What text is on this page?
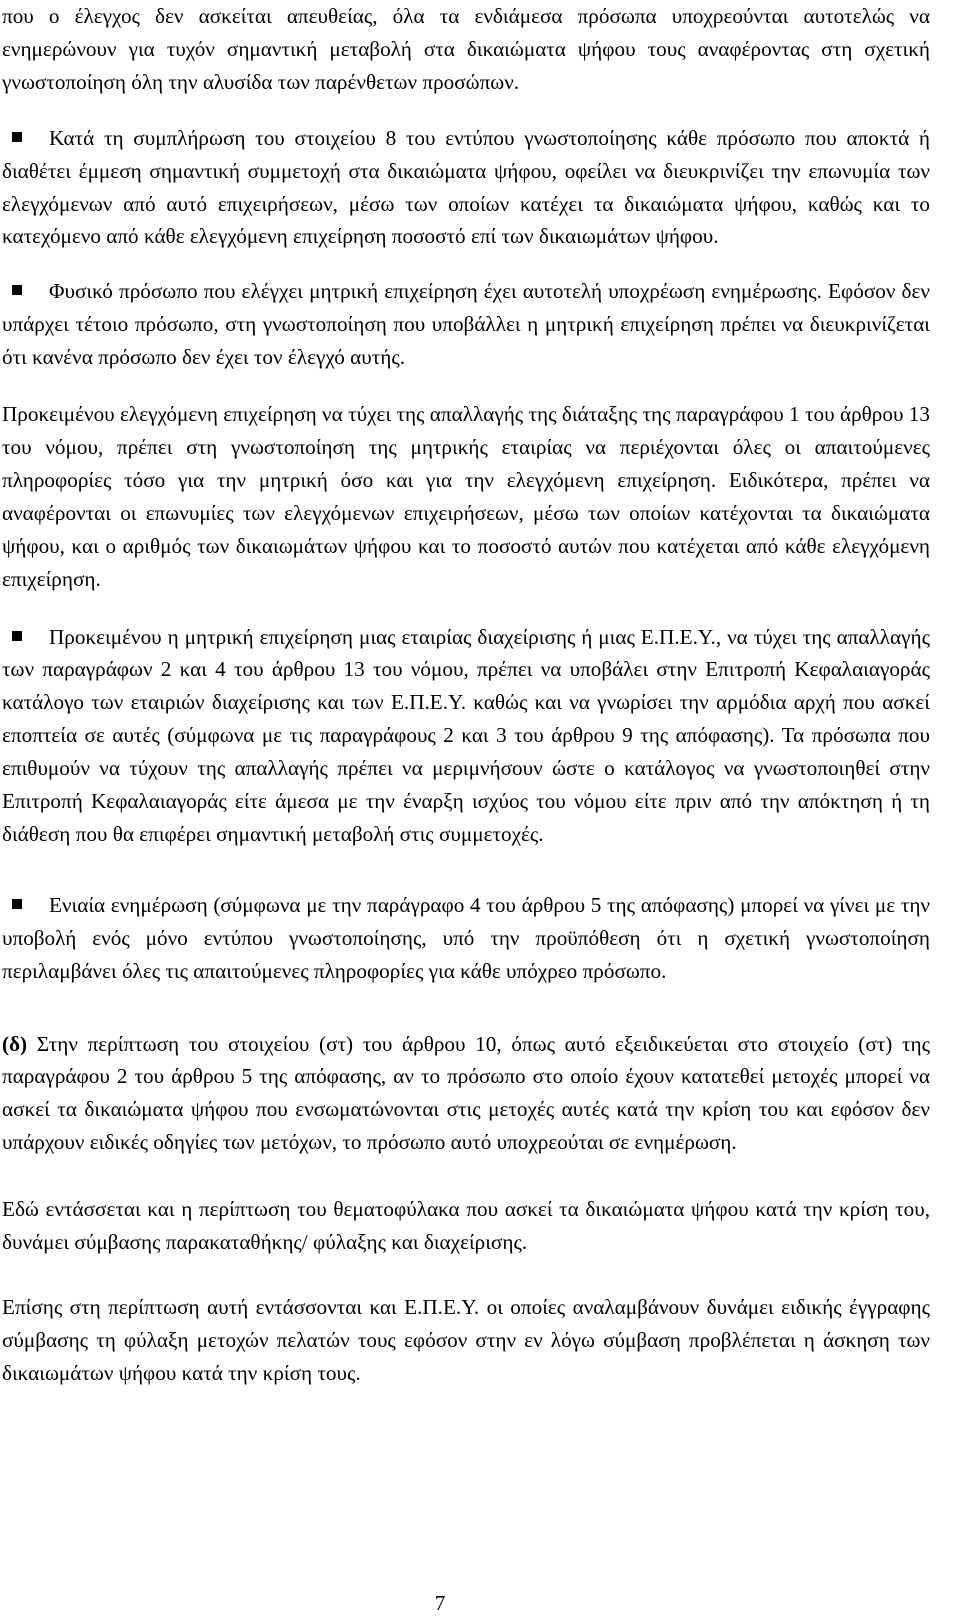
που ο έλεγχος δεν ασκείται απευθείας, όλα τα ενδιάμεσα πρόσωπα υποχρεούνται αυτοτελώς να ενημερώνουν για τυχόν σημαντική μεταβολή στα δικαιώματα ψήφου τους αναφέροντας στη σχετική γνωστοποίηση όλη την αλυσίδα των παρένθετων προσώπων.

Κατά τη συμπλήρωση του στοιχείου 8 του εντύπου γνωστοποίησης κάθε πρόσωπο που αποκτά ή διαθέτει έμμεση σημαντική συμμετοχή στα δικαιώματα ψήφου, οφείλει να διευκρινίζει την επωνυμία των ελεγχόμενων από αυτό επιχειρήσεων, μέσω των οποίων κατέχει τα δικαιώματα ψήφου, καθώς και το κατεχόμενο από κάθε ελεγχόμενη επιχείρηση ποσοστό επί των δικαιωμάτων ψήφου.

Φυσικό πρόσωπο που ελέγχει μητρική επιχείρηση έχει αυτοτελή υποχρέωση ενημέρωσης. Εφόσον δεν υπάρχει τέτοιο πρόσωπο, στη γνωστοποίηση που υποβάλλει η μητρική επιχείρηση πρέπει να διευκρινίζεται ότι κανένα πρόσωπο δεν έχει τον έλεγχό αυτής.

Προκειμένου ελεγχόμενη επιχείρηση να τύχει της απαλλαγής της διάταξης της παραγράφου 1 του άρθρου 13 του νόμου, πρέπει στη γνωστοποίηση της μητρικής εταιρίας να περιέχονται όλες οι απαιτούμενες πληροφορίες τόσο για την μητρική όσο και για την ελεγχόμενη επιχείρηση. Ειδικότερα, πρέπει να αναφέρονται οι επωνυμίες των ελεγχόμενων επιχειρήσεων, μέσω των οποίων κατέχονται τα δικαιώματα ψήφου, και ο αριθμός των δικαιωμάτων ψήφου και το ποσοστό αυτών που κατέχεται από κάθε ελεγχόμενη επιχείρηση.

Προκειμένου η μητρική επιχείρηση μιας εταιρίας διαχείρισης ή μιας Ε.Π.Ε.Υ., να τύχει της απαλλαγής των παραγράφων 2 και 4 του άρθρου 13 του νόμου, πρέπει να υποβάλει στην Επιτροπή Κεφαλαιαγοράς κατάλογο των εταιριών διαχείρισης και των Ε.Π.Ε.Υ. καθώς και να γνωρίσει την αρμόδια αρχή που ασκεί εποπτεία σε αυτές (σύμφωνα με τις παραγράφους 2 και 3 του άρθρου 9 της απόφασης). Τα πρόσωπα που επιθυμούν να τύχουν της απαλλαγής πρέπει να μεριμνήσουν ώστε ο κατάλογος να γνωστοποιηθεί στην Επιτροπή Κεφαλαιαγοράς είτε άμεσα με την έναρξη ισχύος του νόμου είτε πριν από την απόκτηση ή τη διάθεση που θα επιφέρει σημαντική μεταβολή στις συμμετοχές.

Ενιαία ενημέρωση (σύμφωνα με την παράγραφο 4 του άρθρου 5 της απόφασης) μπορεί να γίνει με την υποβολή ενός μόνο εντύπου γνωστοποίησης, υπό την προϋπόθεση ότι η σχετική γνωστοποίηση περιλαμβάνει όλες τις απαιτούμενες πληροφορίες για κάθε υπόχρεο πρόσωπο.

(δ) Στην περίπτωση του στοιχείου (στ) του άρθρου 10, όπως αυτό εξειδικεύεται στο στοιχείο (στ) της παραγράφου 2 του άρθρου 5 της απόφασης, αν το πρόσωπο στο οποίο έχουν κατατεθεί μετοχές μπορεί να ασκεί τα δικαιώματα ψήφου που ενσωματώνονται στις μετοχές αυτές κατά την κρίση του και εφόσον δεν υπάρχουν ειδικές οδηγίες των μετόχων, το πρόσωπο αυτό υποχρεούται σε ενημέρωση.

Εδώ εντάσσεται και η περίπτωση του θεματοφύλακα που ασκεί τα δικαιώματα ψήφου κατά την κρίση του, δυνάμει σύμβασης παρακαταθήκης/ φύλαξης και διαχείρισης.

Επίσης στη περίπτωση αυτή εντάσσονται και Ε.Π.Ε.Υ. οι οποίες αναλαμβάνουν δυνάμει ειδικής έγγραφης σύμβασης τη φύλαξη μετοχών πελατών τους εφόσον στην εν λόγω σύμβαση προβλέπεται η άσκηση των δικαιωμάτων ψήφου κατά την κρίση τους.

7
